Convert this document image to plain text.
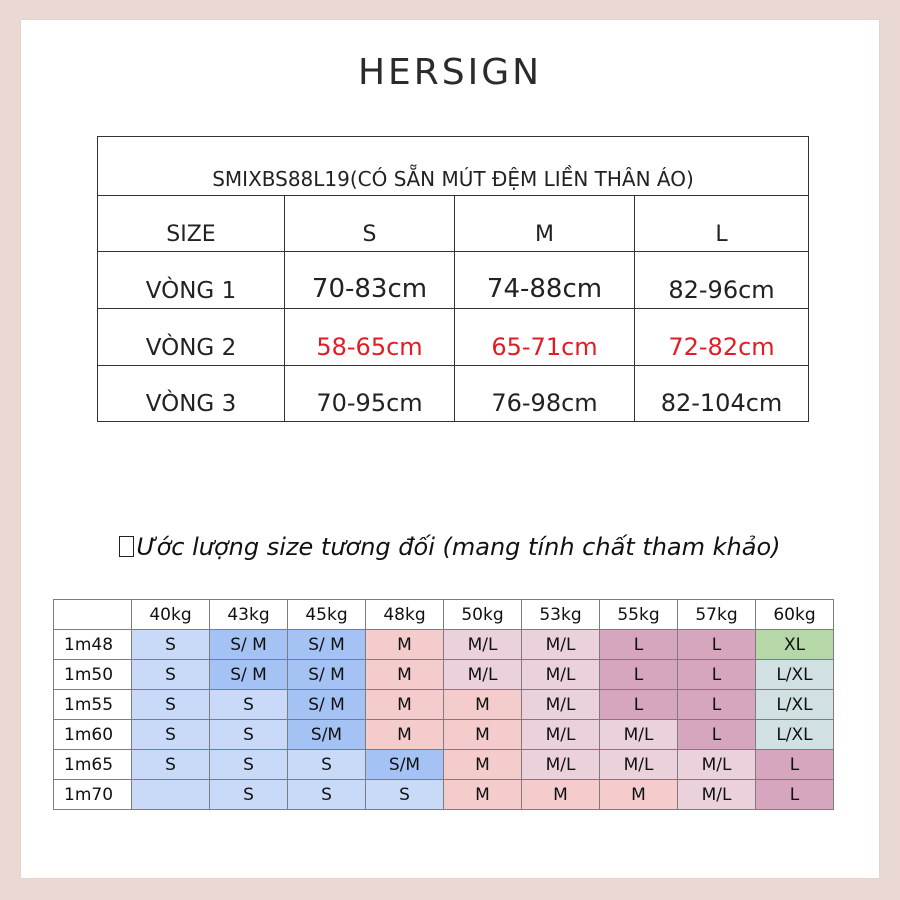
HERSIGN
SMIXBS88L19(CÓ SẴN MÚT ĐỆM LIỀN THÂN ÁO)
SIZE	S	M	L
VÒNG 1	70-83cm	74-88cm	82-96cm
VÒNG 2	58-65cm	65-71cm	72-82cm
VÒNG 3	70-95cm	76-98cm	82-104cm
Ước lượng size tương đối (mang tính chất tham khảo)
	40kg	43kg	45kg	48kg	50kg	53kg	55kg	57kg	60kg
1m48	S	S/ M	S/ M	M	M/L	M/L	L	L	XL
1m50	S	S/ M	S/ M	M	M/L	M/L	L	L	L/XL
1m55	S	S	S/ M	M	M	M/L	L	L	L/XL
1m60	S	S	S/M	M	M	M/L	M/L	L	L/XL
1m65	S	S	S	S/M	M	M/L	M/L	M/L	L
1m70		S	S	S	M	M	M	M/L	L
